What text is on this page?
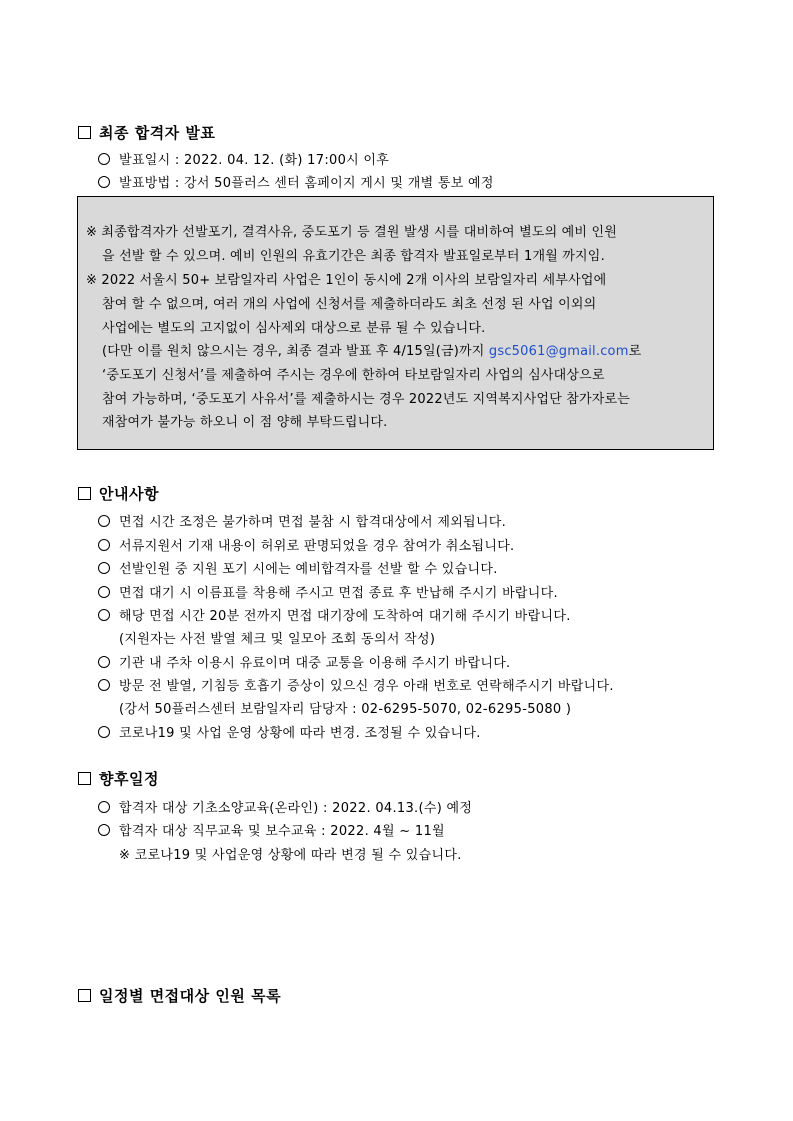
최종 합격자 발표
발표일시 : 2022. 04. 12. (화) 17:00시 이후
발표방법 : 강서 50플러스 센터 홈페이지 게시 및 개별 통보 예정
※ 최종합격자가 선발포기, 결격사유, 중도포기 등 결원 발생 시를 대비하여 별도의 예비 인원
을 선발 할 수 있으며. 예비 인원의 유효기간은 최종 합격자 발표일로부터 1개월 까지임.
※ 2022 서울시 50+ 보람일자리 사업은 1인이 동시에 2개 이사의 보람일자리 세부사업에
참여 할 수 없으며, 여러 개의 사업에 신청서를 제출하더라도 최초 선정 된 사업 이외의
사업에는 별도의 고지없이 심사제외 대상으로 분류 될 수 있습니다.
(다만 이를 원치 않으시는 경우, 최종 결과 발표 후 4/15일(금)까지 gsc5061@gmail.com로
‘중도포기 신청서’를 제출하여 주시는 경우에 한하여 타보람일자리 사업의 심사대상으로
참여 가능하며, ‘중도포기 사유서’를 제출하시는 경우 2022년도 지역복지사업단 참가자로는
재참여가 불가능 하오니 이 점 양해 부탁드립니다.
안내사항
면접 시간 조정은 불가하며 면접 불참 시 합격대상에서 제외됩니다.
서류지원서 기재 내용이 허위로 판명되었을 경우 참여가 취소됩니다.
선발인원 중 지원 포기 시에는 예비합격자를 선발 할 수 있습니다.
면접 대기 시 이름표를 착용해 주시고 면접 종료 후 반납해 주시기 바랍니다.
해당 면접 시간 20분 전까지 면접 대기장에 도착하여 대기해 주시기 바랍니다.
(지원자는 사전 발열 체크 및 일모아 조회 동의서 작성)
기관 내 주차 이용시 유료이며 대중 교통을 이용해 주시기 바랍니다.
방문 전 발열, 기침등 호흡기 증상이 있으신 경우 아래 번호로 연락해주시기 바랍니다.
(강서 50플러스센터 보람일자리 담당자 : 02-6295-5070, 02-6295-5080 )
코로나19 및 사업 운영 상황에 따라 변경. 조정될 수 있습니다.
향후일정
합격자 대상 기초소양교육(온라인) : 2022. 04.13.(수) 예정
합격자 대상 직무교육 및 보수교육 : 2022. 4월 ~ 11월
※ 코로나19 및 사업운영 상황에 따라 변경 될 수 있습니다.
일정별 면접대상 인원 목록
